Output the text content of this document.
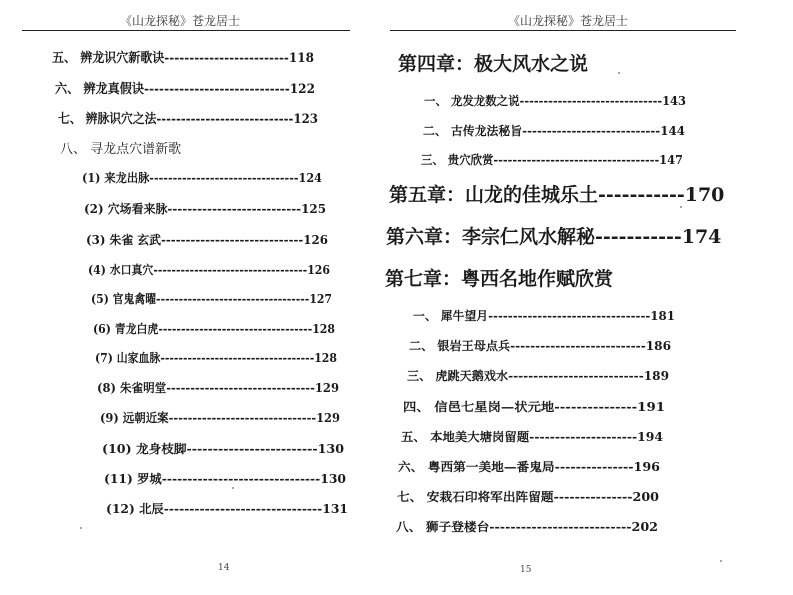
《山龙探秘》苍龙居士
五、 辨龙识穴新歌诀-------------------------118
六、 辨龙真假诀-----------------------------122
七、 辨脉识穴之法----------------------------123
八、 寻龙点穴谱新歌
(1) 来龙出脉--------------------------------124
(2) 穴场看来脉---------------------------125
(3) 朱雀 玄武-----------------------------126
(4) 水口真穴----------------------------------126
(5) 官鬼禽曜----------------------------------127
(6) 青龙白虎----------------------------------128
(7) 山家血脉----------------------------------128
(8) 朱雀明堂-------------------------------129
(9) 远朝近案-------------------------------129
(10) 龙身枝脚-------------------------130
(11) 罗城-------------------------------130
(12) 北辰-------------------------------131
14
《山龙探秘》苍龙居士
第四章：极大风水之说
一、 龙发龙数之说------------------------------143
二、 古传龙法秘旨----------------------------144
三、 贵穴欣赏-----------------------------------147
第五章：山龙的佳城乐土-----------170
第六章：李宗仁风水解秘-----------174
第七章：粤西名地作赋欣赏
一、 犀牛望月---------------------------------181
二、 银岩王母点兵---------------------------186
三、 虎跳天鹅戏水---------------------------189
四、 信邑七星岗—状元地---------------191
五、 本地美大塘岗留题---------------------194
六、 粤西第一美地—番鬼局---------------196
七、 安栽石印将军出阵留题---------------200
八、 狮子登楼台---------------------------202
15
